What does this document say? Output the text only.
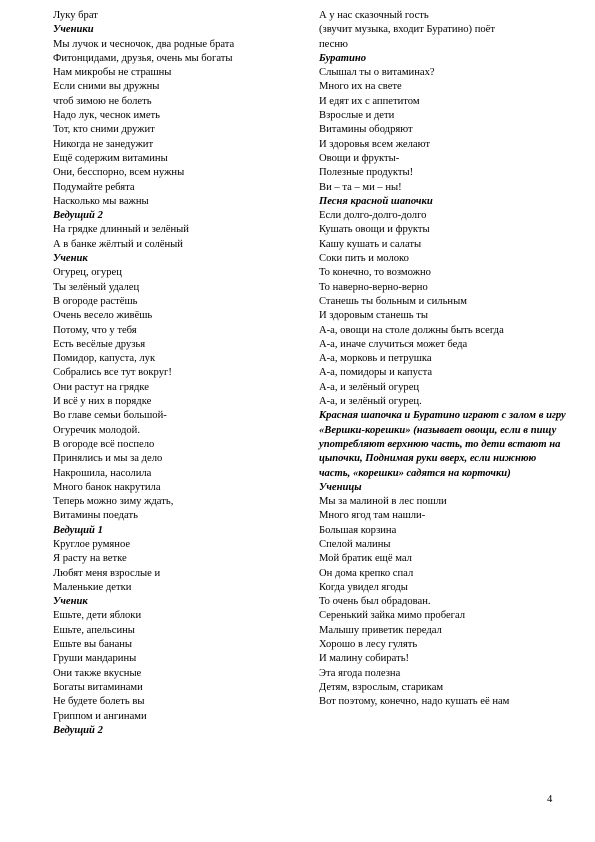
Луку брат
Ученики
Мы лучок и чесночок, два родные брата
Фитонцидами, друзья, очень мы богаты
Нам микробы не страшны
Если сними вы дружны
чтоб зимою не болеть
Надо лук, чеснок иметь
Тот, кто сними дружит
Никогда не занедужит
Ещё содержим витамины
Они, бесспорно, всем нужны
Подумайте ребята
Насколько мы важны
Ведущий 2
На грядке длинный и зелёный
А в банке жёлтый и солёный
Ученик
Огурец, огурец
Ты зелёный удалец
В огороде растёшь
Очень весело живёшь
Потому, что у тебя
Есть весёлые друзья
Помидор, капуста, лук
Собрались все тут вокруг!
Они растут на грядке
И всё у них в порядке
Во главе семьи большой-
Огуречик молодой.
В огороде всё поспело
Принялись и мы за дело
Накрошила, насолила
Много банок накрутила
Теперь можно зиму ждать,
Витамины поедать
Ведущий 1
Круглое румяное
Я расту на ветке
Любят меня взрослые и
Маленькие детки
Ученик
Ешьте, дети яблоки
Ешьте, апельсины
Ешьте вы бананы
Груши мандарины
Они также вкусные
Богаты витаминами
Не будете болеть вы
Гриппом и ангинами
Ведущий 2
А у нас сказочный гость
(звучит музыка, входит Буратино) поёт
песню
Буратино
Слышал ты о витаминах?
Много их на свете
И едят их с аппетитом
Взрослые и дети
Витамины ободряют
И здоровья всем желают
Овощи и фрукты-
Полезные продукты!
Ви – та – ми – ны!
Песня красной шапочки
Если долго-долго-долго
Кушать овощи и фрукты
Кашу кушать и салаты
Соки пить и молоко
То конечно, то возможно
То наверно-верно-верно
Станешь ты больным и сильным
И здоровым станешь ты
А-а, овощи на столе должны быть всегда
А-а, иначе случиться может беда
А-а, морковь и петрушка
А-а, помидоры и капуста
А-а, и зелёный огурец
А-а, и зелёный огурец.
Красная шапочка и Буратино играют с залом в игру «Вершки-корешки» (называет овощи, если в пищу употребляют верхнюю часть, то дети встают на цыпочки, Поднимая руки вверх, если нижнюю часть, «корешки» садятся на корточки)
Ученицы
Мы за малиной в лес пошли
Много ягод там нашли-
Большая корзина
Спелой малины
Мой братик ещё мал
Он дома крепко спал
Когда увидел ягоды
То очень был обрадован.
Серенький зайка мимо пробегал
Малышу приветик передал
Хорошо в лесу гулять
И малину собирать!
Эта ягода полезна
Детям, взрослым, старикам
Вот поэтому, конечно, надо кушать её нам
4
